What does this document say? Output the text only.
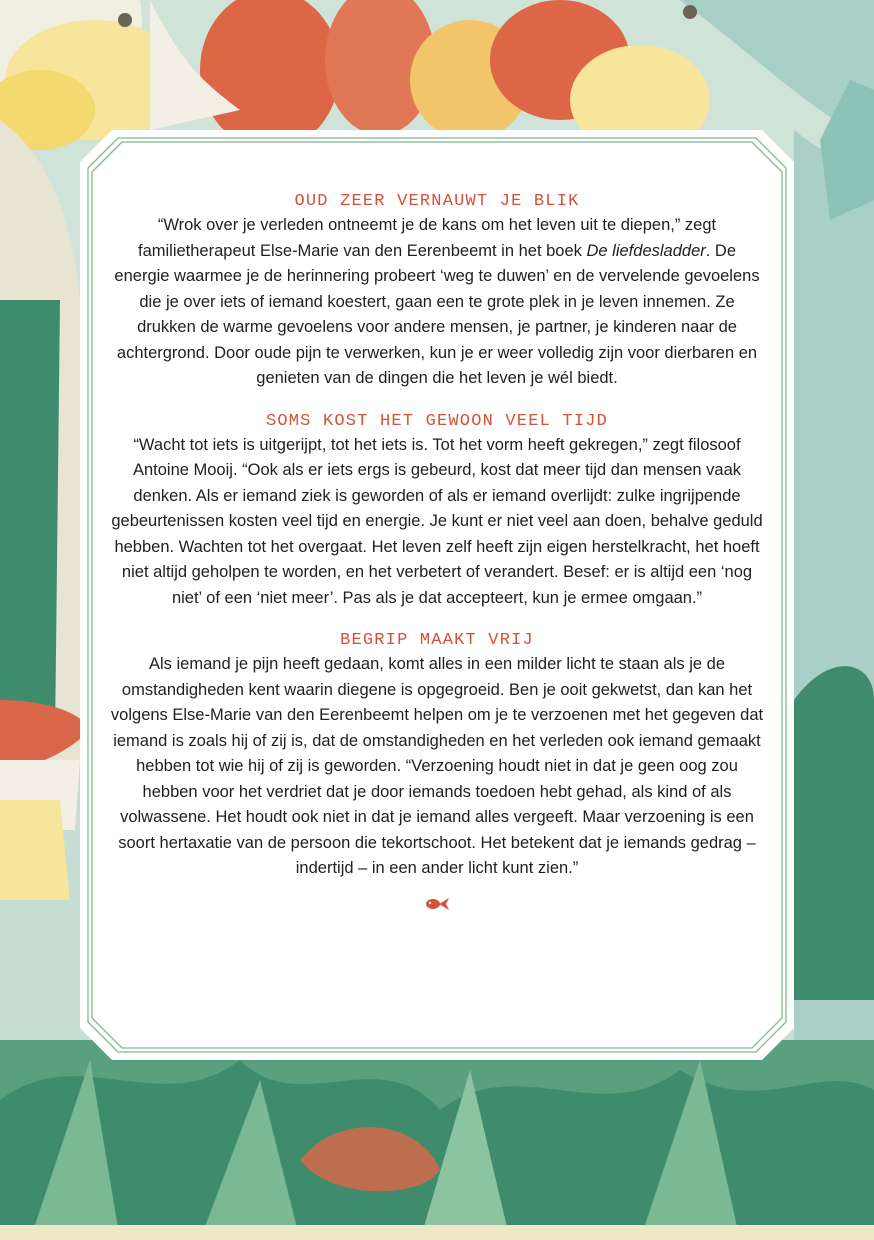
OUD ZEER VERNAUWT JE BLIK

“Wrok over je verleden ontneemt je de kans om het leven uit te diepen,” zegt familietherapeut Else-Marie van den Eerenbeemt in het boek De liefdesladder. De energie waarmee je de herinnering probeert ‘weg te duwen’ en de vervelende gevoelens die je over iets of iemand koestert, gaan een te grote plek in je leven innemen. Ze drukken de warme gevoelens voor andere mensen, je partner, je kinderen naar de achtergrond. Door oude pijn te verwerken, kun je er weer volledig zijn voor dierbaren en genieten van de dingen die het leven je wél biedt.

SOMS KOST HET GEWOON VEEL TIJD

“Wacht tot iets is uitgerijpt, tot het iets is. Tot het vorm heeft gekregen,” zegt filosoof Antoine Mooij. “Ook als er iets ergs is gebeurd, kost dat meer tijd dan mensen vaak denken. Als er iemand ziek is geworden of als er iemand overlijdt: zulke ingrijpende gebeurtenissen kosten veel tijd en energie. Je kunt er niet veel aan doen, behalve geduld hebben. Wachten tot het overgaat. Het leven zelf heeft zijn eigen herstelkracht, het hoeft niet altijd geholpen te worden, en het verbetert of verandert. Besef: er is altijd een ‘nog niet’ of een ‘niet meer’. Pas als je dat accepteert, kun je ermee omgaan.”

BEGRIP MAAKT VRIJ

Als iemand je pijn heeft gedaan, komt alles in een milder licht te staan als je de omstandigheden kent waarin diegene is opgegroeid. Ben je ooit gekwetst, dan kan het volgens Else-Marie van den Eerenbeemt helpen om je te verzoenen met het gegeven dat iemand is zoals hij of zij is, dat de omstandigheden en het verleden ook iemand gemaakt hebben tot wie hij of zij is geworden. “Verzoening houdt niet in dat je geen oog zou hebben voor het verdriet dat je door iemands toedoen hebt gehad, als kind of als volwassene. Het houdt ook niet in dat je iemand alles vergeeft. Maar verzoening is een soort hertaxatie van de persoon die tekortschoot. Het betekent dat je iemands gedrag – indertijd – in een ander licht kunt zien.”
